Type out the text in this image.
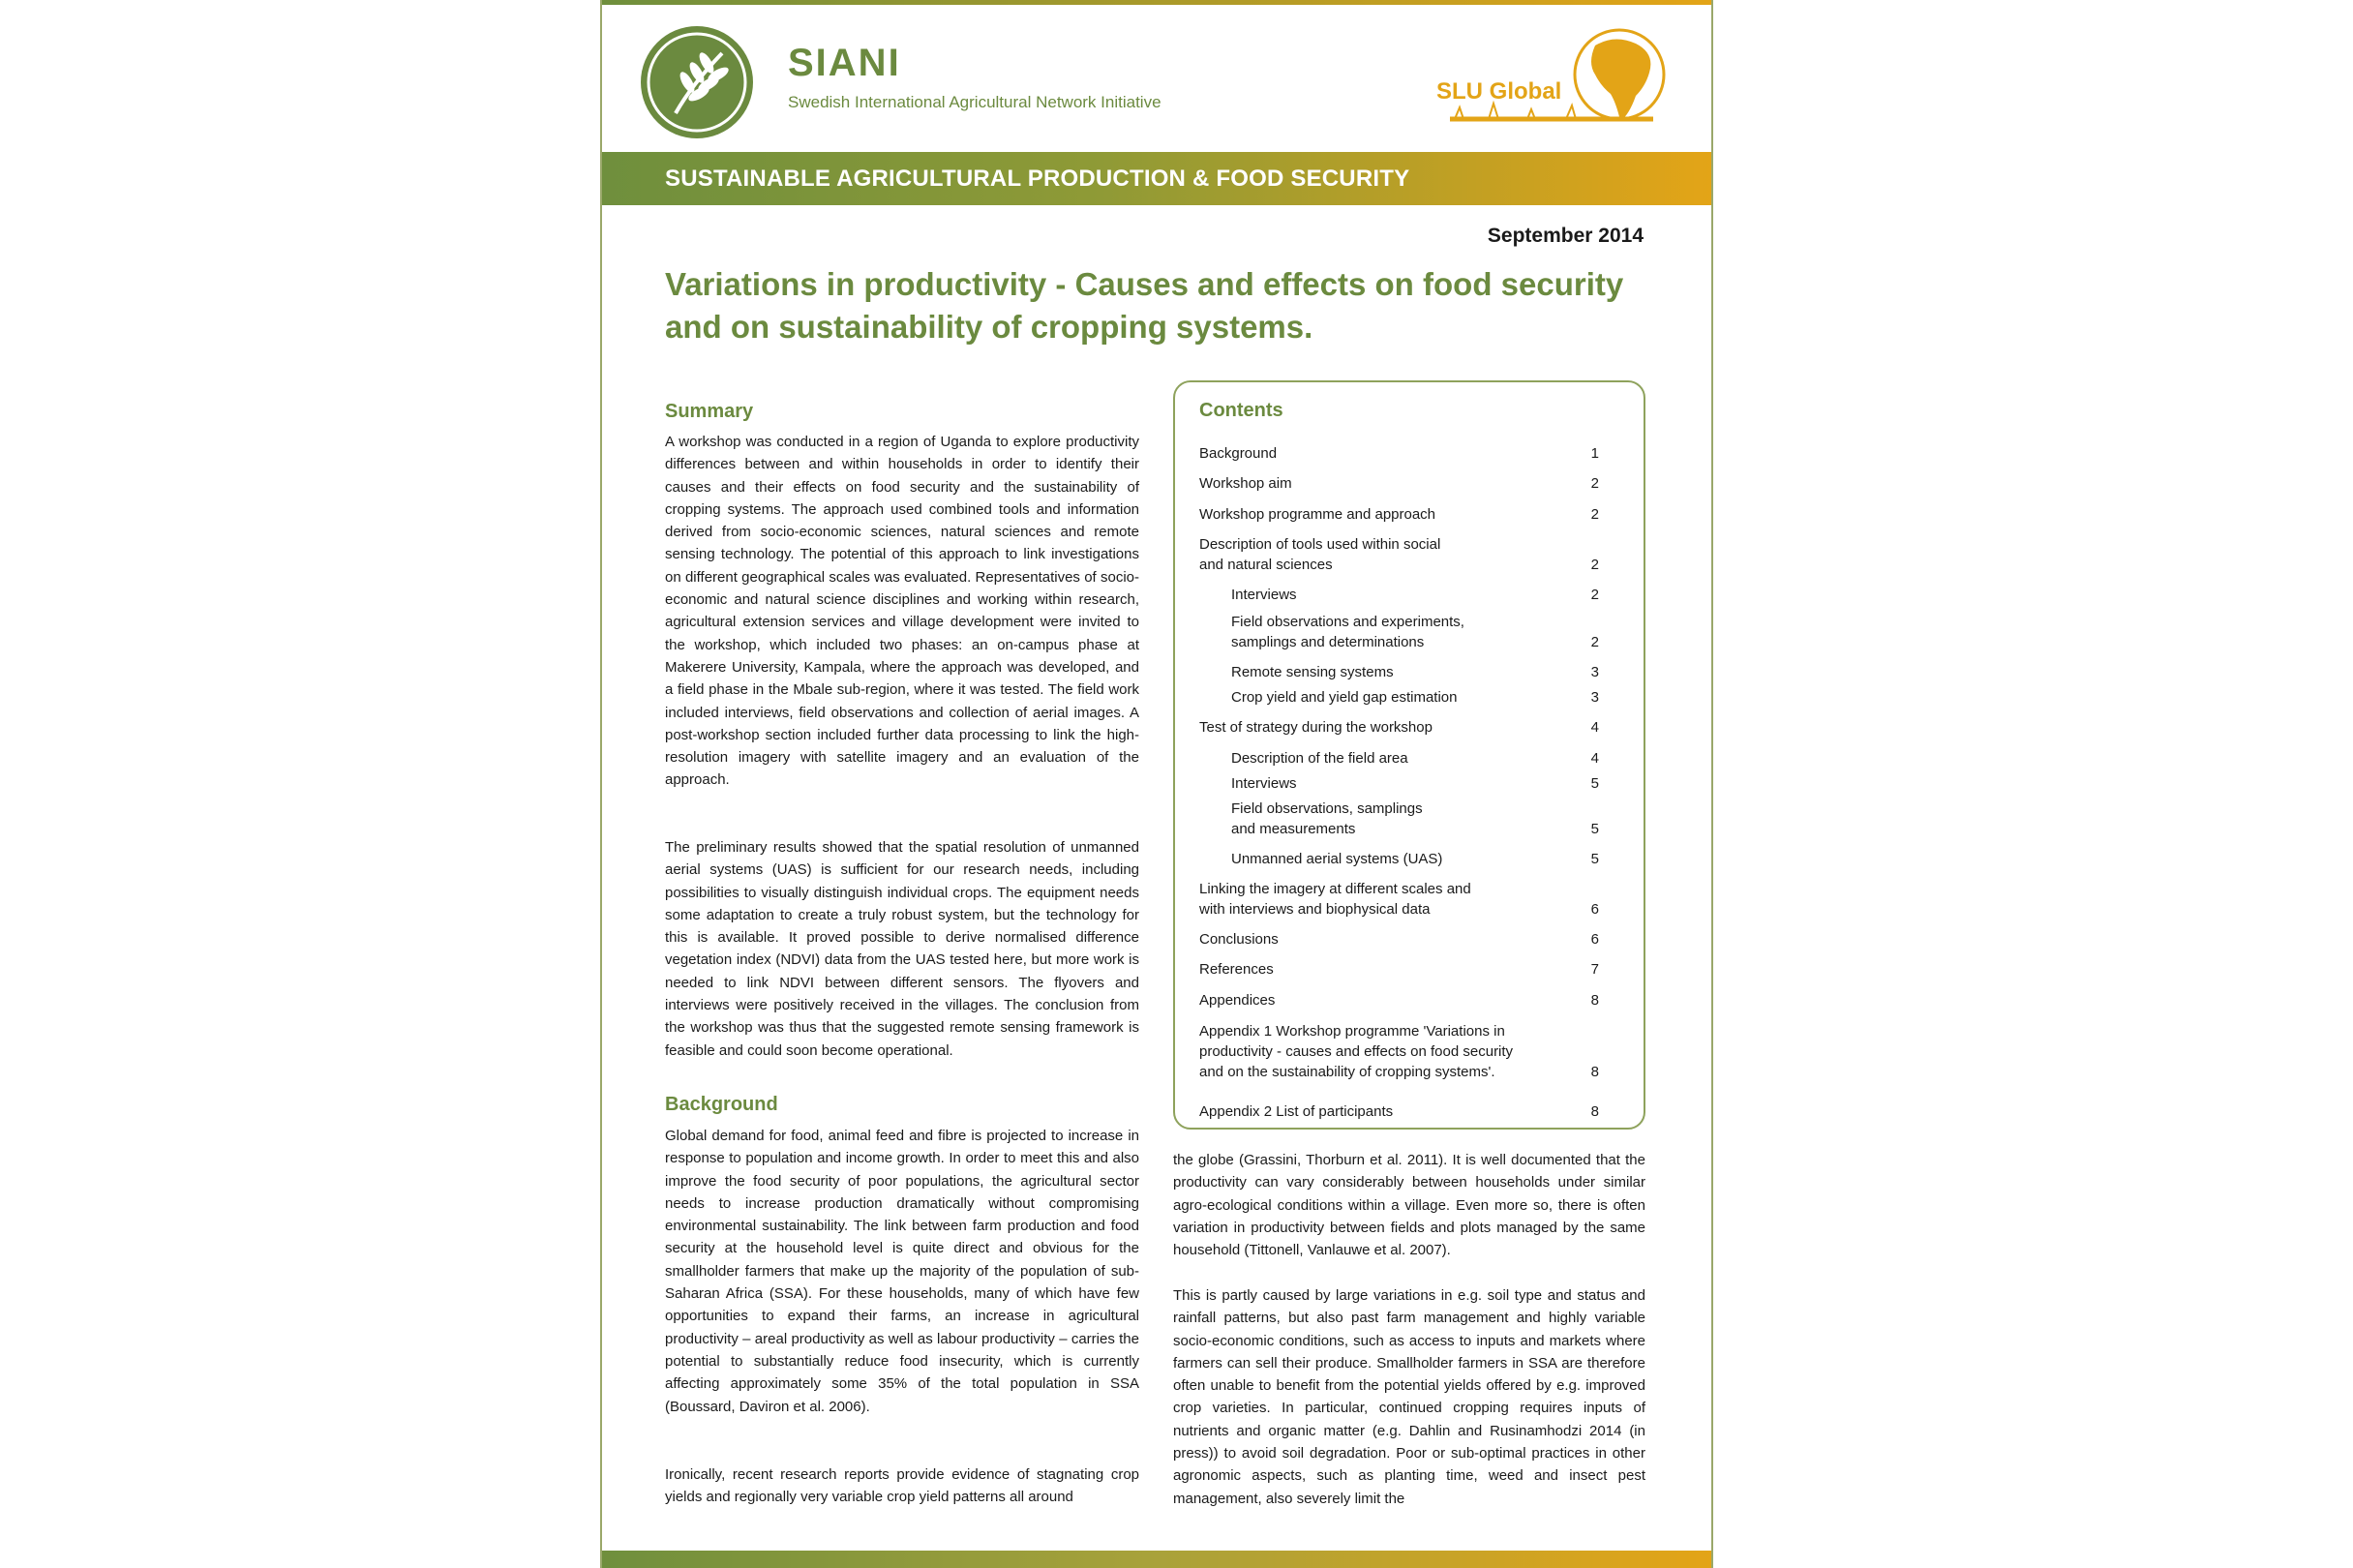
SIANI
Swedish International Agricultural Network Initiative	SLU Global
SUSTAINABLE AGRICULTURAL PRODUCTION & FOOD SECURITY
September 2014
Variations in productivity - Causes and effects on food security
and on sustainability of cropping systems.
Summary

A workshop was conducted in a region of Uganda to explore productivity differences between and within households in order to identify their causes and their effects on food security and the sustainability of cropping systems. The approach used combined tools and information derived from socio-economic sciences, natural sciences and remote sensing technology. The potential of this approach to link investigations on different geographical scales was evaluated. Representatives of socio-economic and natural science disciplines and working within research, agricultural extension services and village development were invited to the workshop, which included two phases: an on-campus phase at Makerere University, Kampala, where the approach was developed, and a field phase in the Mbale sub-region, where it was tested. The field work included interviews, field observations and collection of aerial images. A post-workshop section included further data processing to link the high-resolution imagery with satellite imagery and an evaluation of the approach.

The preliminary results showed that the spatial resolution of unmanned aerial systems (UAS) is sufficient for our research needs, including possibilities to visually distinguish individual crops. The equipment needs some adaptation to create a truly robust system, but the technology for this is available. It proved possible to derive normalised difference vegetation index (NDVI) data from the UAS tested here, but more work is needed to link NDVI between different sensors. The flyovers and interviews were positively received in the villages. The conclusion from the workshop was thus that the suggested remote sensing framework is feasible and could soon become operational.

Background

Global demand for food, animal feed and fibre is projected to increase in response to population and income growth. In order to meet this and also improve the food security of poor populations, the agricultural sector needs to increase production dramatically without compromising environmental sustainability. The link between farm production and food security at the household level is quite direct and obvious for the smallholder farmers that make up the majority of the population of sub-Saharan Africa (SSA). For these households, many of which have few opportunities to expand their farms, an increase in agricultural productivity – areal productivity as well as labour productivity – carries the potential to substantially reduce food insecurity, which is currently affecting approximately some 35% of the total population in SSA (Boussard, Daviron et al. 2006).

Ironically, recent research reports provide evidence of stagnating crop yields and regionally very variable crop yield patterns all around

Contents
Background	1
Workshop aim	2
Workshop programme and approach	2
Description of tools used within social
and natural sciences	2
Interviews	2
Field observations and experiments,
samplings and determinations	2
Remote sensing systems	3
Crop yield and yield gap estimation	3
Test of strategy during the workshop	4
Description of the field area	4
Interviews	5
Field observations, samplings
and measurements	5
Unmanned aerial systems (UAS)	5
Linking the imagery at different scales and
with interviews and biophysical data	6
Conclusions	6
References	7
Appendices	8
Appendix 1 Workshop programme 'Variations in
productivity - causes and effects on food security
and on the sustainability of cropping systems'.	8
Appendix 2 List of participants	8

the globe (Grassini, Thorburn et al. 2011). It is well documented that the productivity can vary considerably between households under similar agro-ecological conditions within a village. Even more so, there is often variation in productivity between fields and plots managed by the same household (Tittonell, Vanlauwe et al. 2007).

This is partly caused by large variations in e.g. soil type and status and rainfall patterns, but also past farm management and highly variable socio-economic conditions, such as access to inputs and markets where farmers can sell their produce. Smallholder farmers in SSA are therefore often unable to benefit from the potential yields offered by e.g. improved crop varieties. In particular, continued cropping requires inputs of nutrients and organic matter (e.g. Dahlin and Rusinamhodzi 2014 (in press)) to avoid soil degradation. Poor or sub-optimal practices in other agronomic aspects, such as planting time, weed and insect pest management, also severely limit the
